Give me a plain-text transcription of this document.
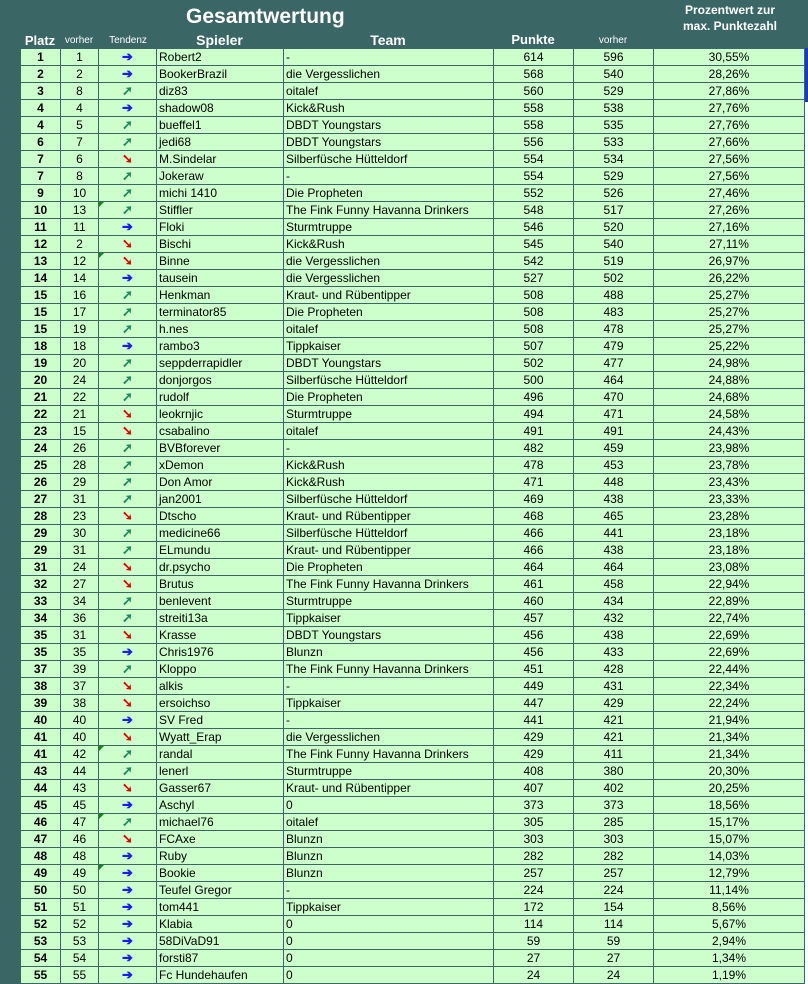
Gesamtwertung	Prozentwert zur
max. Punktezahl
Platz vorher	Tendenz	Spieler	Team	Punkte	vorher
1	1	➔	Robert2	-	614	596	30,55%
2	2	➔	BookerBrazil	die Vergesslichen	568	540	28,26%
3	8	➚	diz83	oitalef	560	529	27,86%
4	4	➔	shadow08	Kick&Rush	558	538	27,76%
4	5	➚	bueffel1	DBDT Youngstars	558	535	27,76%
6	7	➚	jedi68	DBDT Youngstars	556	533	27,66%
7	6	➘	M.Sindelar	Silberfüsche Hütteldorf	554	534	27,56%
7	8	➚	Jokeraw	-	554	529	27,56%
9	10	➚	michi 1410	Die Propheten	552	526	27,46%
10	13	➚	Stiffler	The Fink Funny Havanna Drinkers	548	517	27,26%
11	11	➔	Floki	Sturmtruppe	546	520	27,16%
12	2	➘	Bischi	Kick&Rush	545	540	27,11%
13	12	➘	Binne	die Vergesslichen	542	519	26,97%
14	14	➔	tausein	die Vergesslichen	527	502	26,22%
15	16	➚	Henkman	Kraut- und Rübentipper	508	488	25,27%
15	17	➚	terminator85	Die Propheten	508	483	25,27%
15	19	➚	h.nes	oitalef	508	478	25,27%
18	18	➔	rambo3	Tippkaiser	507	479	25,22%
19	20	➚	seppderrapidler	DBDT Youngstars	502	477	24,98%
20	24	➚	donjorgos	Silberfüsche Hütteldorf	500	464	24,88%
21	22	➚	rudolf	Die Propheten	496	470	24,68%
22	21	➘	leokrnjic	Sturmtruppe	494	471	24,58%
23	15	➘	csabalino	oitalef	491	491	24,43%
24	26	➚	BVBforever	-	482	459	23,98%
25	28	➚	xDemon	Kick&Rush	478	453	23,78%
26	29	➚	Don Amor	Kick&Rush	471	448	23,43%
27	31	➚	jan2001	Silberfüsche Hütteldorf	469	438	23,33%
28	23	➘	Dtscho	Kraut- und Rübentipper	468	465	23,28%
29	30	➚	medicine66	Silberfüsche Hütteldorf	466	441	23,18%
29	31	➚	ELmundu	Kraut- und Rübentipper	466	438	23,18%
31	24	➘	dr.psycho	Die Propheten	464	464	23,08%
32	27	➘	Brutus	The Fink Funny Havanna Drinkers	461	458	22,94%
33	34	➚	benlevent	Sturmtruppe	460	434	22,89%
34	36	➚	streiti13a	Tippkaiser	457	432	22,74%
35	31	➘	Krasse	DBDT Youngstars	456	438	22,69%
35	35	➔	Chris1976	Blunzn	456	433	22,69%
37	39	➚	Kloppo	The Fink Funny Havanna Drinkers	451	428	22,44%
38	37	➘	alkis	-	449	431	22,34%
39	38	➘	ersoichso	Tippkaiser	447	429	22,24%
40	40	➔	SV Fred	-	441	421	21,94%
41	40	➘	Wyatt_Erap	die Vergesslichen	429	421	21,34%
41	42	➚	randal	The Fink Funny Havanna Drinkers	429	411	21,34%
43	44	➚	lenerl	Sturmtruppe	408	380	20,30%
44	43	➘	Gasser67	Kraut- und Rübentipper	407	402	20,25%
45	45	➔	Aschyl	0	373	373	18,56%
46	47	➚	michael76	oitalef	305	285	15,17%
47	46	➘	FCAxe	Blunzn	303	303	15,07%
48	48	➔	Ruby	Blunzn	282	282	14,03%
49	49	➔	Bookie	Blunzn	257	257	12,79%
50	50	➔	Teufel Gregor	-	224	224	11,14%
51	51	➔	tom441	Tippkaiser	172	154	8,56%
52	52	➔	Klabia	0	114	114	5,67%
53	53	➔	58DiVaD91	0	59	59	2,94%
54	54	➔	forsti87	0	27	27	1,34%
55	55	➔	Fc Hundehaufen	0	24	24	1,19%
